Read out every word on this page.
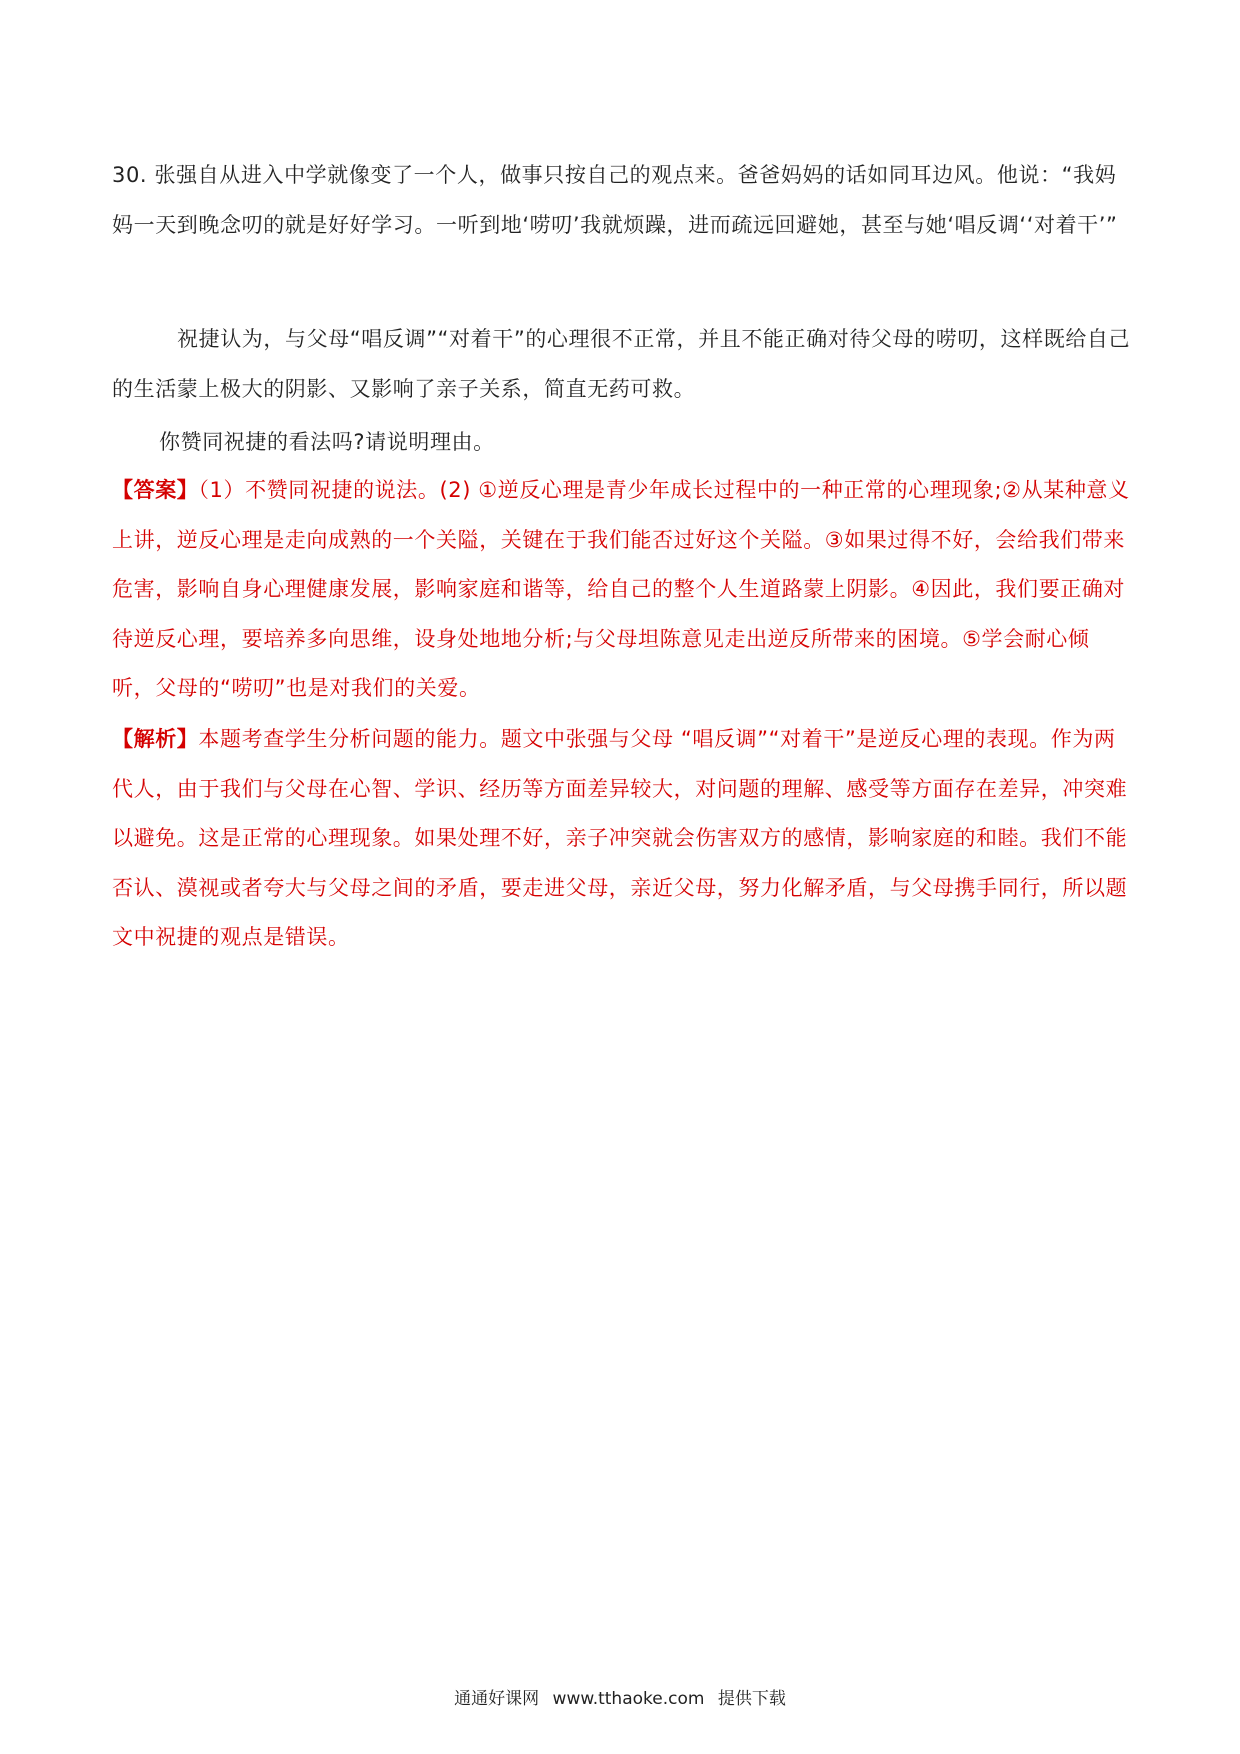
30. 张强自从进入中学就像变了一个人，做事只按自己的观点来。爸爸妈妈的话如同耳边风。他说：“我妈妈一天到晚念叨的就是好好学习。一听到地‘唠叨’我就烦躁，进而疏远回避她，甚至与她‘唱反调‘‘对着干’”

祝捷认为，与父母“唱反调”“对着干”的心理很不正常，并且不能正确对待父母的唠叨，这样既给自己的生活蒙上极大的阴影、又影响了亲子关系，简直无药可救。

你赞同祝捷的看法吗?请说明理由。

【答案】（1）不赞同祝捷的说法。(2) ①逆反心理是青少年成长过程中的一种正常的心理现象;②从某种意义上讲，逆反心理是走向成熟的一个关隘，关键在于我们能否过好这个关隘。③如果过得不好，会给我们带来危害，影响自身心理健康发展，影响家庭和谐等，给自己的整个人生道路蒙上阴影。④因此，我们要正确对待逆反心理，要培养多向思维，设身处地地分析;与父母坦陈意见走出逆反所带来的困境。⑤学会耐心倾听，父母的“唠叨”也是对我们的关爱。

【解析】本题考查学生分析问题的能力。题文中张强与父母 “唱反调”“对着干”是逆反心理的表现。作为两代人，由于我们与父母在心智、学识、经历等方面差异较大，对问题的理解、感受等方面存在差异，冲突难以避免。这是正常的心理现象。如果处理不好，亲子冲突就会伤害双方的感情，影响家庭的和睦。我们不能否认、漠视或者夸大与父母之间的矛盾，要走进父母，亲近父母，努力化解矛盾，与父母携手同行，所以题文中祝捷的观点是错误。

通通好课网 www.tthaoke.com 提供下载
